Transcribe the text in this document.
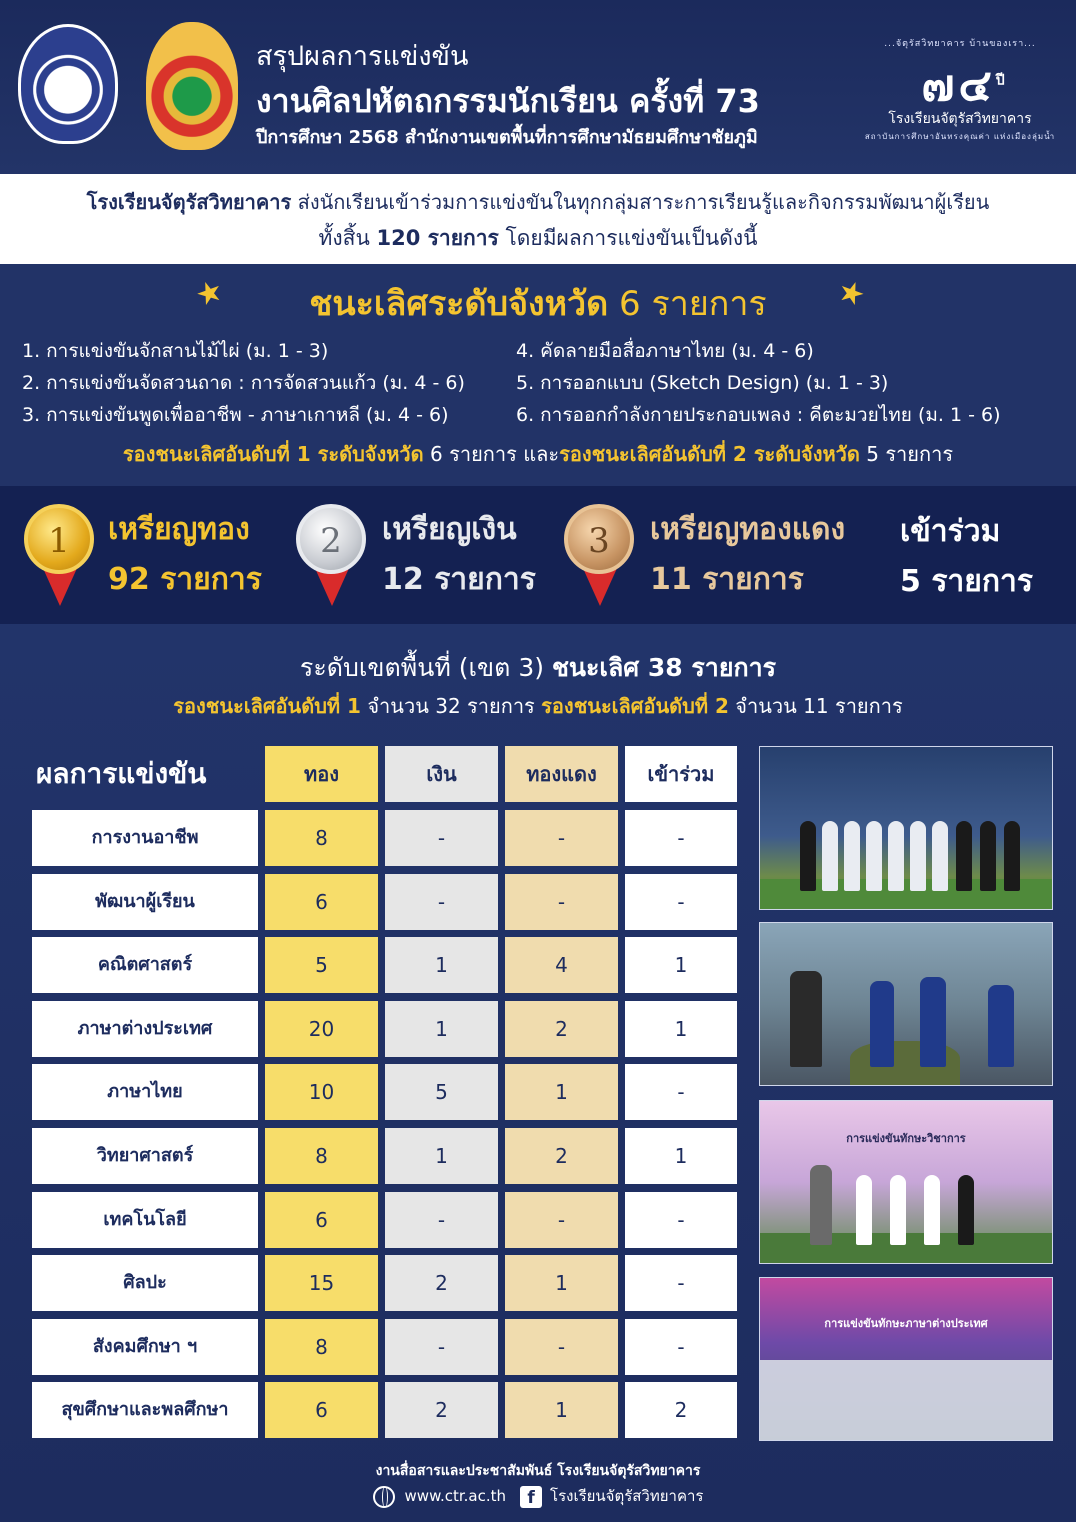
สรุปผลการแข่งขัน
งานศิลปหัตถกรรมนักเรียน ครั้งที่ 73
ปีการศึกษา 2568 สำนักงานเขตพื้นที่การศึกษามัธยมศึกษาชัยภูมิ
...จัตุรัสวิทยาคาร บ้านของเรา...
๗๔$^{ปี}$
โรงเรียนจัตุรัสวิทยาคาร
สถาบันการศึกษาอันทรงคุณค่า แห่งเมืองลุ่มน้ำ
โรงเรียนจัตุรัสวิทยาคาร ส่งนักเรียนเข้าร่วมการแข่งขันในทุกกลุ่มสาระการเรียนรู้และกิจกรรมพัฒนาผู้เรียน
ทั้งสิ้น 120 รายการ โดยมีผลการแข่งขันเป็นดังนี้
★	★
ชนะเลิศระดับจังหวัด 6 รายการ
1. การแข่งขันจักสานไม้ไผ่ (ม. 1 - 3)
2. การแข่งขันจัดสวนถาด : การจัดสวนแก้ว (ม. 4 - 6)
3. การแข่งขันพูดเพื่ออาชีพ - ภาษาเกาหลี (ม. 4 - 6)
4. คัดลายมือสื่อภาษาไทย (ม. 4 - 6)
5. การออกแบบ (Sketch Design) (ม. 1 - 3)
6. การออกกำลังกายประกอบเพลง : คีตะมวยไทย (ม. 1 - 6)
รองชนะเลิศอันดับที่ 1 ระดับจังหวัด 6 รายการ และรองชนะเลิศอันดับที่ 2 ระดับจังหวัด 5 รายการ
1	เหรียญทอง
92 รายการ
2	เหรียญเงิน
12 รายการ
3	เหรียญทองแดง
11 รายการ
เข้าร่วม
5 รายการ
ระดับเขตพื้นที่ (เขต 3) ชนะเลิศ 38 รายการ
รองชนะเลิศอันดับที่ 1 จำนวน 32 รายการ รองชนะเลิศอันดับที่ 2 จำนวน 11 รายการ
ผลการแข่งขัน	ทอง	เงิน	ทองแดง	เข้าร่วม
การงานอาชีพ	8	-	-	-
พัฒนาผู้เรียน	6	-	-	-
คณิตศาสตร์	5	1	4	1
ภาษาต่างประเทศ	20	1	2	1
ภาษาไทย	10	5	1	-
วิทยาศาสตร์	8	1	2	1
เทคโนโลยี	6	-	-	-
ศิลปะ	15	2	1	-
สังคมศึกษา ฯ	8	-	-	-
สุขศึกษาและพลศึกษา	6	2	1	2
การแข่งขันทักษะวิชาการ
การแข่งขันทักษะภาษาต่างประเทศ
งานสื่อสารและประชาสัมพันธ์ โรงเรียนจัตุรัสวิทยาคาร
www.ctr.ac.th f โรงเรียนจัตุรัสวิทยาคาร
